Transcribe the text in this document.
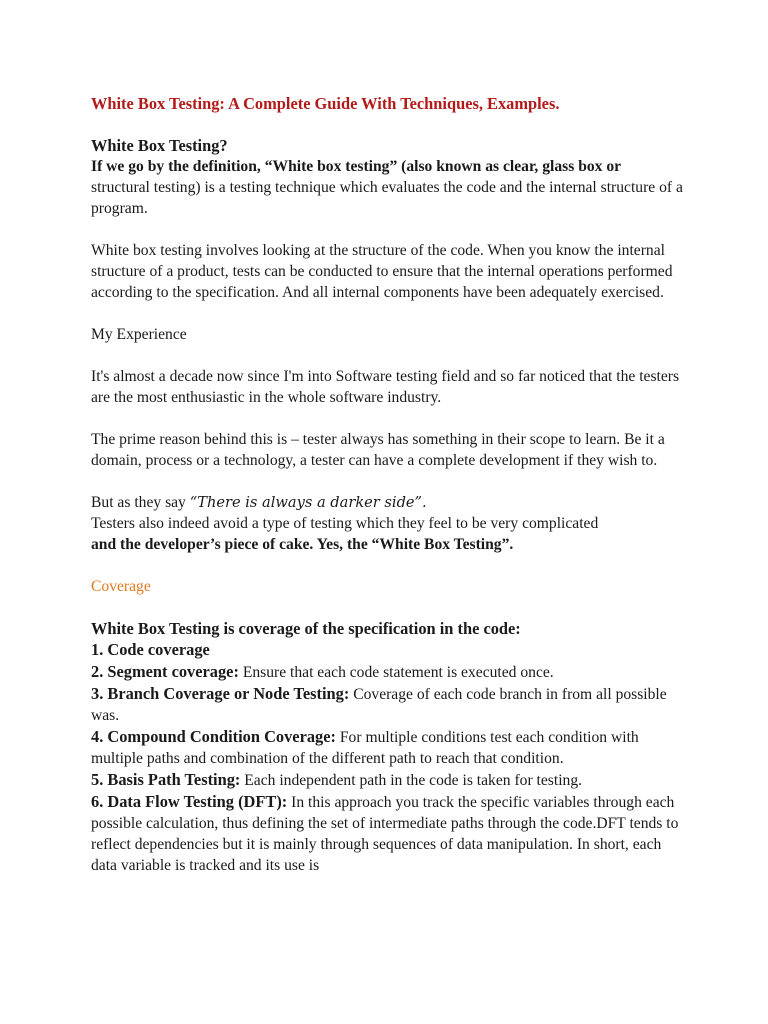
White Box Testing: A Complete Guide With Techniques, Examples.

White Box Testing?

If we go by the definition, “White box testing” (also known as clear, glass box or
structural testing) is a testing technique which evaluates the code and the internal structure of a program.

White box testing involves looking at the structure of the code. When you know the internal structure of a product, tests can be conducted to ensure that the internal operations performed according to the specification. And all internal components have been adequately exercised.

My Experience

It's almost a decade now since I'm into Software testing field and so far noticed that the testers are the most enthusiastic in the whole software industry.

The prime reason behind this is – tester always has something in their scope to learn. Be it a domain, process or a technology, a tester can have a complete development if they wish to.

But as they say “There is always a darker side”.
Testers also indeed avoid a type of testing which they feel to be very complicated
and the developer’s piece of cake. Yes, the “White Box Testing”.

Coverage

White Box Testing is coverage of the specification in the code:

1. Code coverage

2. Segment coverage: Ensure that each code statement is executed once.

3. Branch Coverage or Node Testing: Coverage of each code branch in from all possible was.

4. Compound Condition Coverage: For multiple conditions test each condition with multiple paths and combination of the different path to reach that condition.

5. Basis Path Testing: Each independent path in the code is taken for testing.

6. Data Flow Testing (DFT): In this approach you track the specific variables through each possible calculation, thus defining the set of intermediate paths through the code.DFT tends to reflect dependencies but it is mainly through sequences of data manipulation. In short, each data variable is tracked and its use is
